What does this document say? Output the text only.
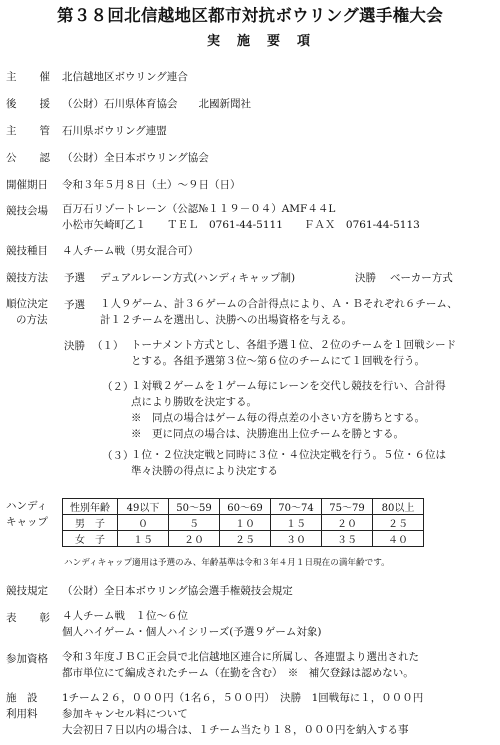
第３８回北信越地区都市対抗ボウリング選手権大会
実施要項
主 催 北信越地区ボウリング連合
後 援 （公財）石川県体育協会　　北國新聞社
主 管 石川県ボウリング連盟
公 認 （公財）全日本ボウリング協会
開催期日 令和３年５月８日（土）～９日（日）
競技会場 百万石リゾートレーン（公認№１１９－０４）AMF４４L
小松市矢崎町乙１　　ＴＥＬ　0761-44-5111　　ＦＡＸ　0761-44-5113
競技種目 ４人チーム戦（男女混合可）
競技方法 予選 デュアルレーン方式(ハンディキャップ制)	決勝 ベーカー方式
順位決定
の方法
予選 １人９ゲーム、計３６ゲームの合計得点により、Ａ・Ｂそれぞれ６チーム、
計１２チームを選出し、決勝への出場資格を与える。
決勝 （１） トーナメント方式とし、各組予選１位、２位のチームを１回戦シード
とする。各組予選第３位～第６位のチームにて１回戦を行う。
（２）
１対戦２ゲームを１ゲーム毎にレーンを交代し競技を行い、合計得
点により勝敗を決定する。
※　同点の場合はゲーム毎の得点差の小さい方を勝ちとする。
※　更に同点の場合は、決勝進出上位チームを勝とする。
（３）
１位・２位決定戦と同時に３位・４位決定戦を行う。５位・６位は
準々決勝の得点により決定する
ハンディ
キャップ
性別年齢	49以下	50～59	60～69	70～74	75～79	80以上
男　子	０	５	１０	１５	２０	２５
女　子	１５	２０	２５	３０	３５	４０
ハンディキャップ適用は予選のみ、年齢基準は令和３年４月１日現在の満年齢です。
競技規定 （公財）全日本ボウリング協会選手権競技会規定
表 彰 ４人チーム戦　１位～６位
個人ハイゲーム・個人ハイシリーズ(予選９ゲーム対象)
参加資格 令和３年度ＪＢＣ正会員で北信越地区連合に所属し、各連盟より選出された
都市単位にて編成されたチーム（在勤を含む）　※　補欠登録は認めない。
施　設
利用料
1チーム２６，０００円（1名６，５００円）　決勝　1回戦毎に１，０００円
参加キャンセル料について
大会初日７日以内の場合は、１チーム当たり１８，０００円を納入する事
